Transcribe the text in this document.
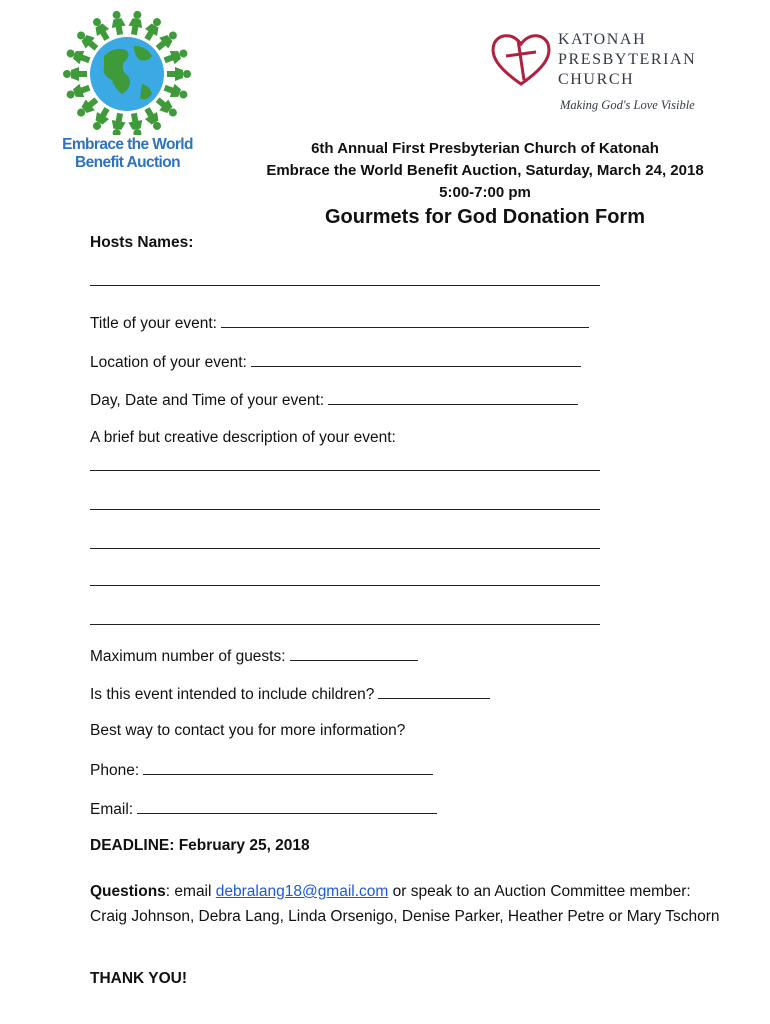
Embrace the World
Benefit Auction
KATONAH
PRESBYTERIAN
CHURCH
Making God's Love Visible
6th Annual First Presbyterian Church of Katonah
Embrace the World Benefit Auction, Saturday, March 24, 2018
5:00-7:00 pm
Gourmets for God Donation Form
Hosts Names:
Title of your event:
Location of your event:
Day, Date and Time of your event:
A brief but creative description of your event:
Maximum number of guests:
Is this event intended to include children?
Best way to contact you for more information?
Phone:
Email:
DEADLINE: February 25, 2018
Questions: email debralang18@gmail.com or speak to an Auction Committee member: Craig Johnson, Debra Lang, Linda Orsenigo, Denise Parker, Heather Petre or Mary Tschorn
THANK YOU!
